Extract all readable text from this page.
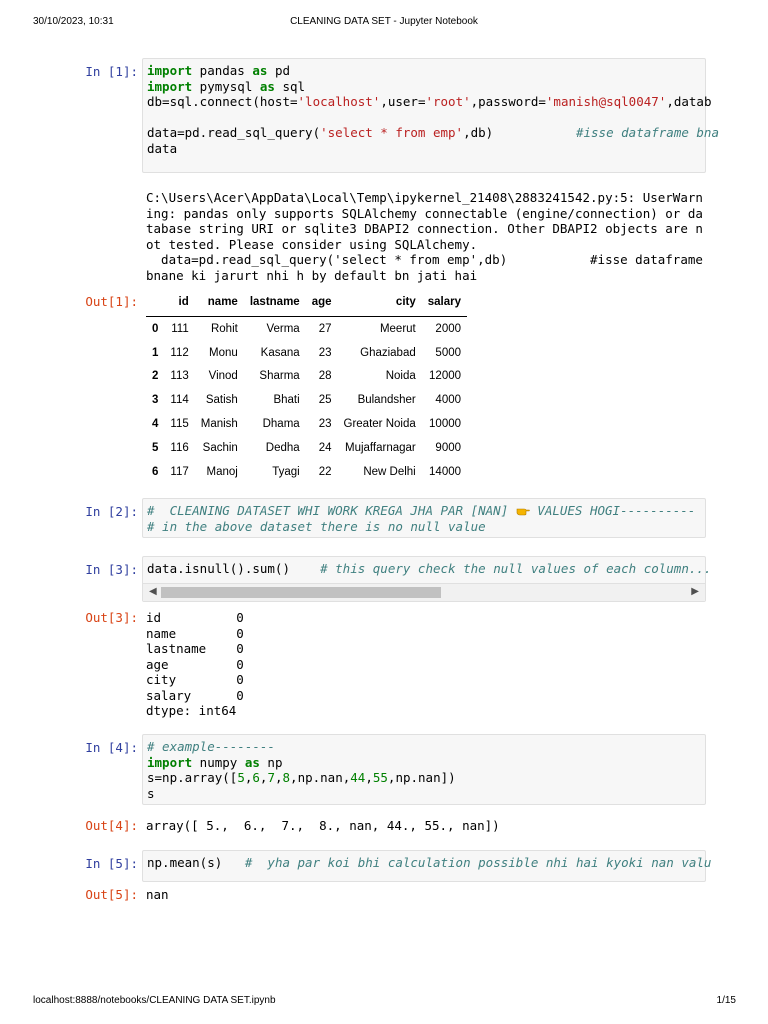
30/10/2023, 10:31	CLEANING DATA SET - Jupyter Notebook
In [1]: import pandas as pd
import pymysql as sql
db=sql.connect(host='localhost',user='root',password='manish@sql0047',datab

data=pd.read_sql_query('select * from emp',db)           #isse dataframe bna
data
C:\Users\Acer\AppData\Local\Temp\ipykernel_21408\2883241542.py:5: UserWarn
ing: pandas only supports SQLAlchemy connectable (engine/connection) or da
tabase string URI or sqlite3 DBAPI2 connection. Other DBAPI2 objects are n
ot tested. Please consider using SQLAlchemy.
data=pd.read_sql_query('select * from emp',db)           #isse dataframe
bnane ki jarurt nhi h by default bn jati hai
Out[1]:
		id	name	lastname	age	city	salary
0	111	Rohit	Verma	27	Meerut	2000
1	112	Monu	Kasana	23	Ghaziabad	5000
2	113	Vinod	Sharma	28	Noida	12000
3	114	Satish	Bhati	25	Bulandsher	4000
4	115	Manish	Dhama	23	Greater Noida	10000
5	116	Sachin	Dedha	24	Mujaffarnagar	9000
6	117	Manoj	Tyagi	22	New Delhi	14000
In [2]: #  CLEANING DATASET WHI WORK KREGA JHA PAR [NAN]  VALUES HOGI----------
# in the above dataset there is no null value
In [3]: data.isnull().sum()    # this query check the null values of each column...
◀	▶
Out[3]: id          0
name        0
lastname    0
age         0
city        0
salary      0
dtype: int64
In [4]: # example--------
import numpy as np
s=np.array([5,6,7,8,np.nan,44,55,np.nan])
s
Out[4]: array([ 5.,  6.,  7.,  8., nan, 44., 55., nan])
In [5]: np.mean(s)   #  yha par koi bhi calculation possible nhi hai kyoki nan valu
Out[5]: nan
localhost:8888/notebooks/CLEANING DATA SET.ipynb	1/15
